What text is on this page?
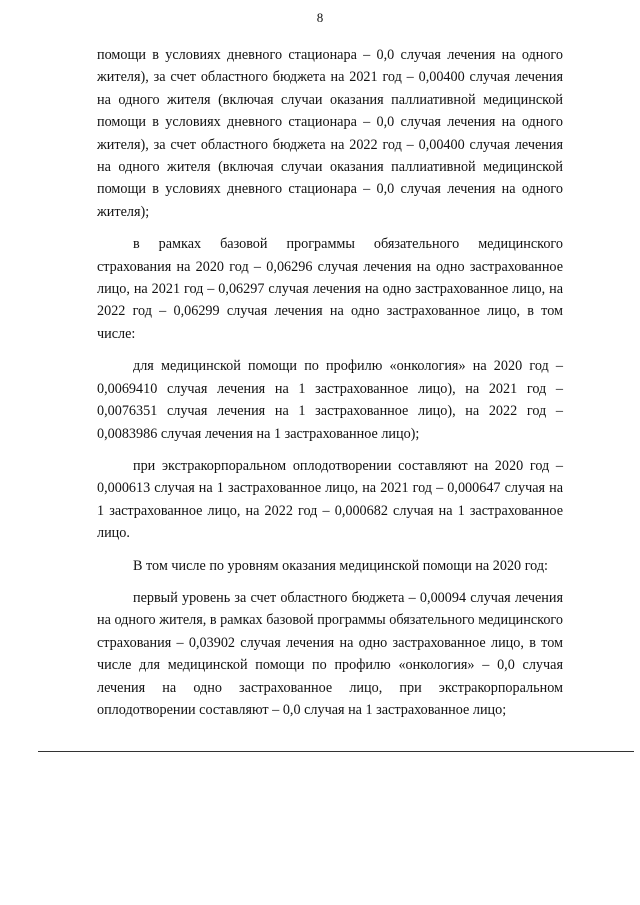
8

помощи в условиях дневного стационара – 0,0 случая лечения на одного жителя), за счет областного бюджета на 2021 год – 0,00400 случая лечения на одного жителя (включая случаи оказания паллиативной медицинской помощи в условиях дневного стационара – 0,0 случая лечения на одного жителя), за счет областного бюджета на 2022 год – 0,00400 случая лечения на одного жителя (включая случаи оказания паллиативной медицинской помощи в условиях дневного стационара – 0,0 случая лечения на одного жителя);

в рамках базовой программы обязательного медицинского страхования на 2020 год – 0,06296 случая лечения на одно застрахованное лицо, на 2021 год – 0,06297 случая лечения на одно застрахованное лицо, на 2022 год – 0,06299 случая лечения на одно застрахованное лицо, в том числе:

для медицинской помощи по профилю «онкология» на 2020 год – 0,0069410 случая лечения на 1 застрахованное лицо), на 2021 год – 0,0076351 случая лечения на 1 застрахованное лицо), на 2022 год – 0,0083986 случая лечения на 1 застрахованное лицо);

при экстракорпоральном оплодотворении составляют на 2020 год – 0,000613 случая на 1 застрахованное лицо, на 2021 год – 0,000647 случая на 1 застрахованное лицо, на 2022 год – 0,000682 случая на 1 застрахованное лицо.

В том числе по уровням оказания медицинской помощи на 2020 год:

первый уровень за счет областного бюджета – 0,00094 случая лечения на одного жителя, в рамках базовой программы обязательного медицинского страхования – 0,03902 случая лечения на одно застрахованное лицо, в том числе для медицинской помощи по профилю «онкология» – 0,0 случая лечения на одно застрахованное лицо, при экстракорпоральном оплодотворении составляют – 0,0 случая на 1 застрахованное лицо;
